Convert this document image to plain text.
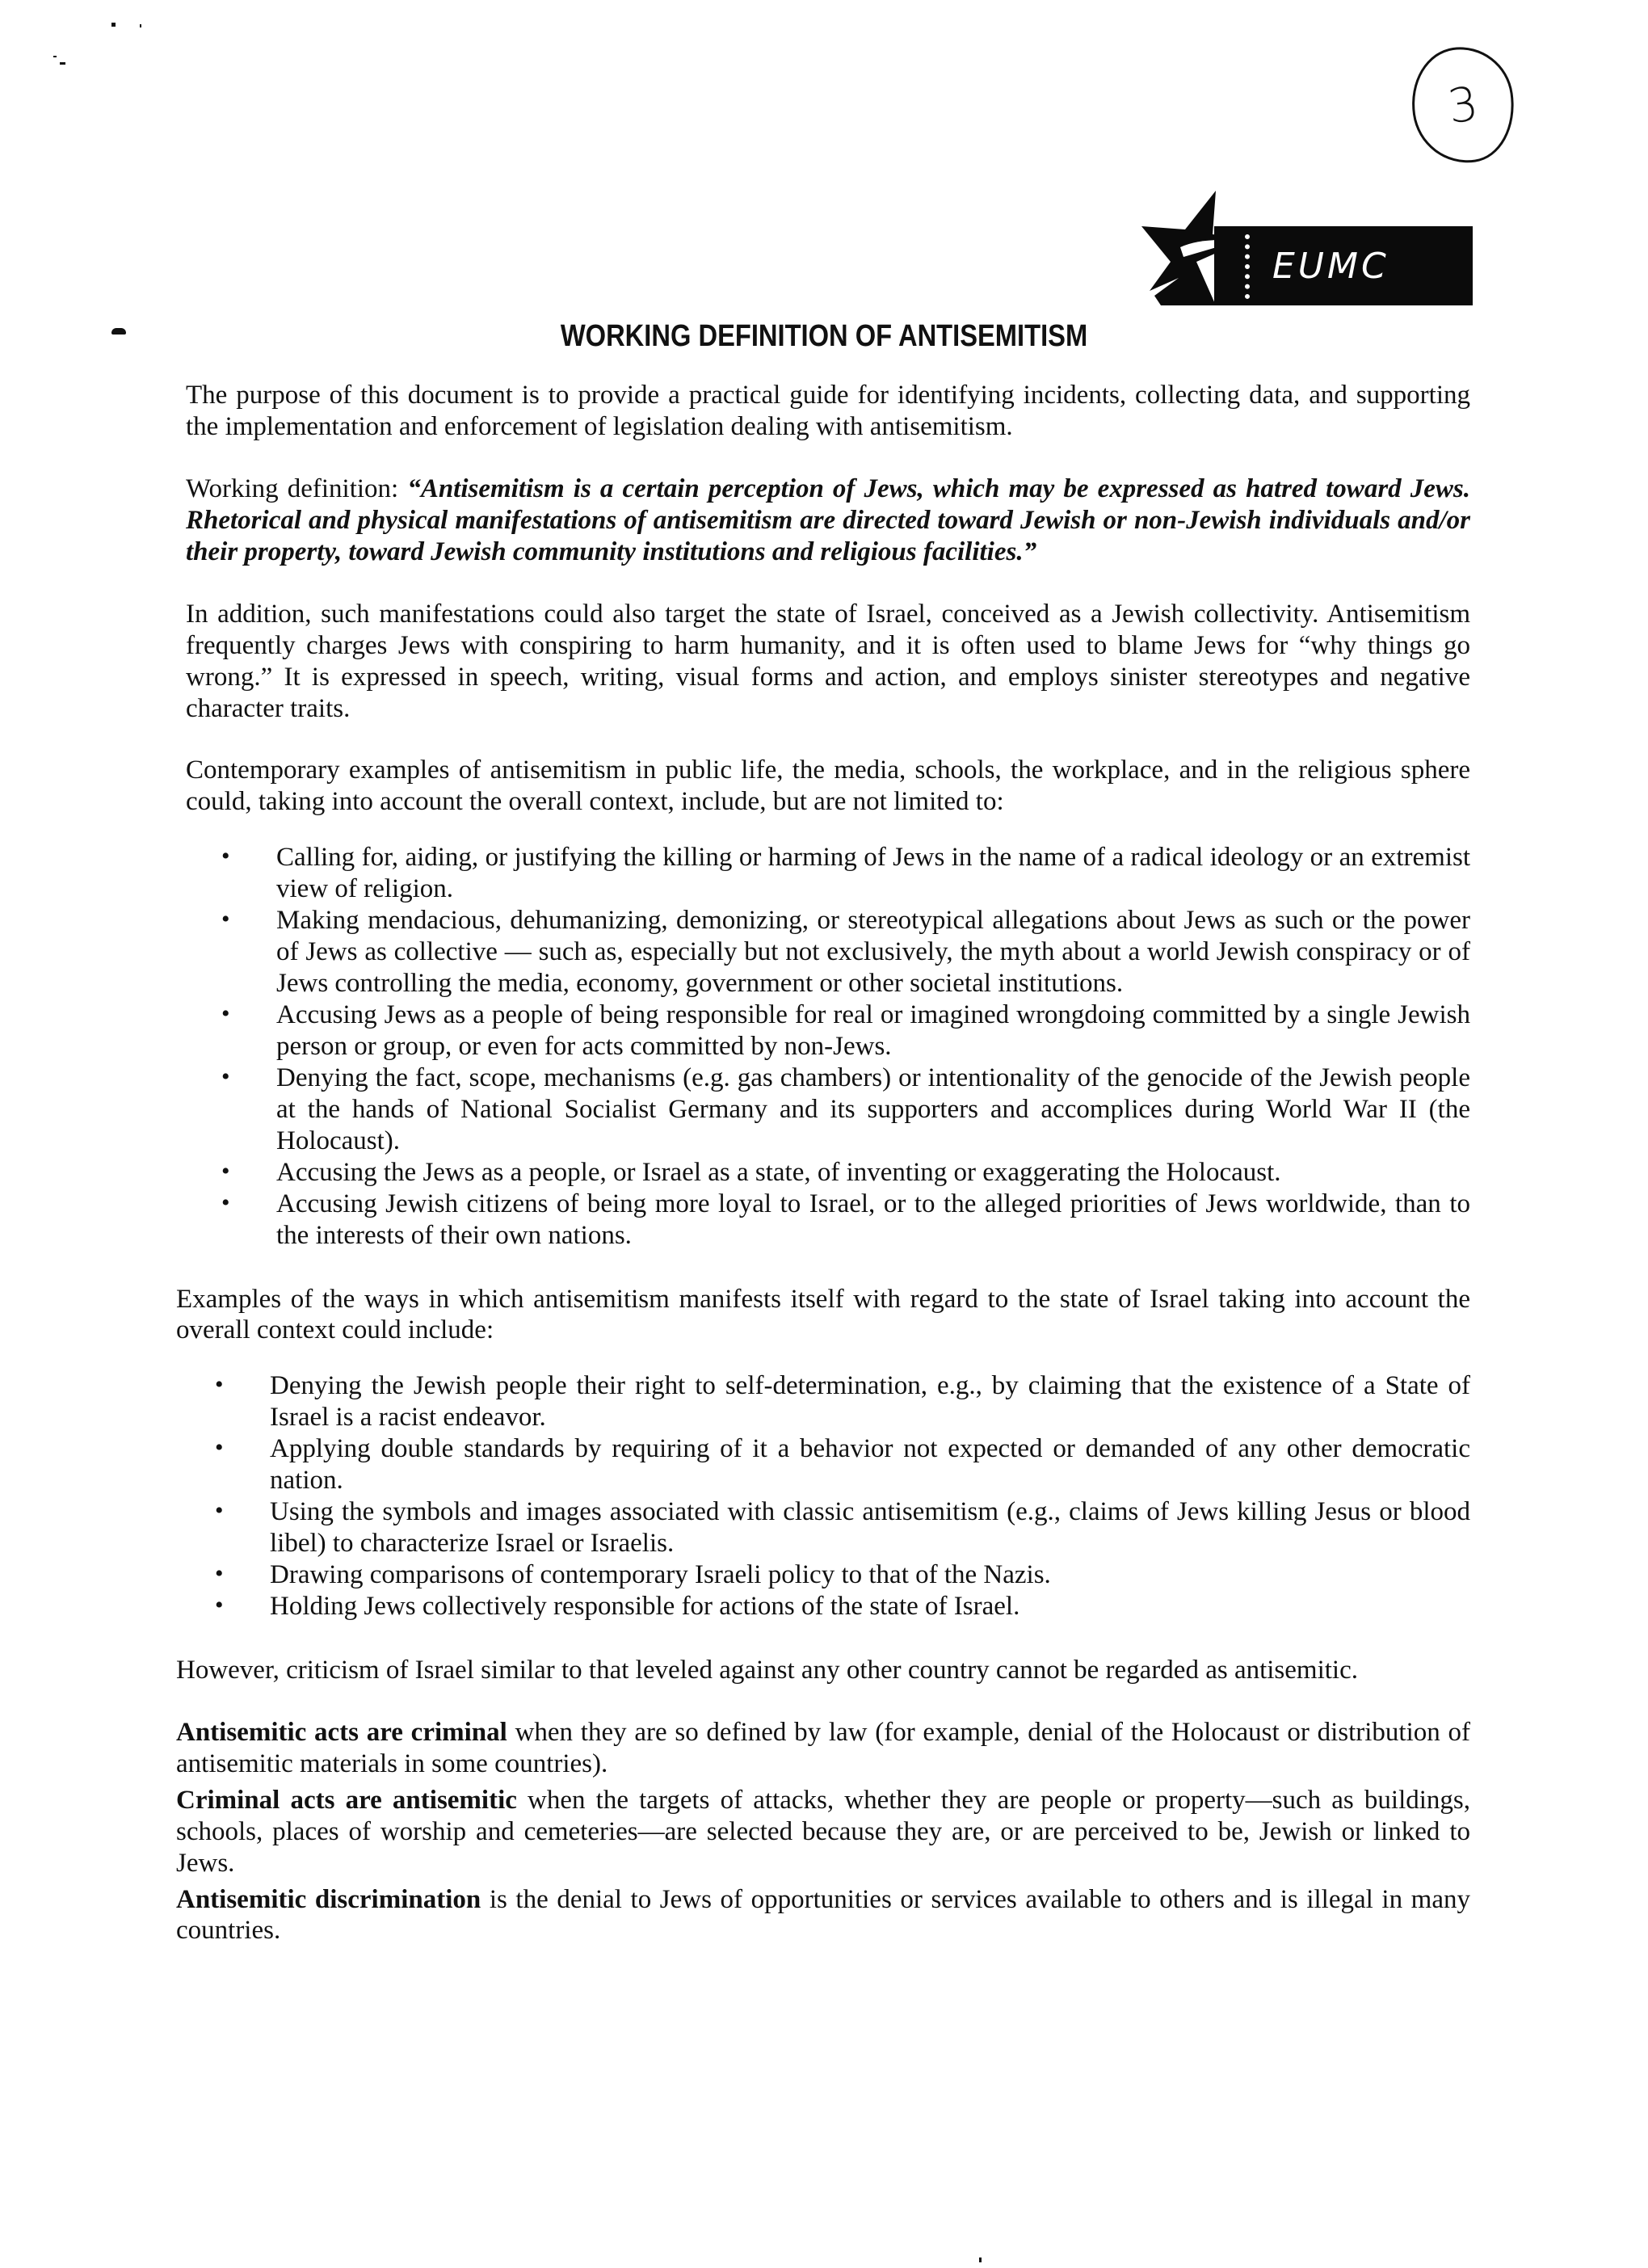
3
EUMC
WORKING DEFINITION OF ANTISEMITISM

The purpose of this document is to provide a practical guide for identifying incidents, collecting data, and supporting the implementation and enforcement of legislation dealing with antisemitism.

Working definition: “Antisemitism is a certain perception of Jews, which may be expressed as hatred toward Jews. Rhetorical and physical manifestations of antisemitism are directed toward Jewish or non-Jewish individuals and/or their property, toward Jewish community institutions and religious facilities.”

In addition, such manifestations could also target the state of Israel, conceived as a Jewish collectivity. Antisemitism frequently charges Jews with conspiring to harm humanity, and it is often used to blame Jews for “why things go wrong.” It is expressed in speech, writing, visual forms and action, and employs sinister stereotypes and negative character traits.

Contemporary examples of antisemitism in public life, the media, schools, the workplace, and in the religious sphere could, taking into account the overall context, include, but are not limited to:

• Calling for, aiding, or justifying the killing or harming of Jews in the name of a radical ideology or an extremist view of religion.
• Making mendacious, dehumanizing, demonizing, or stereotypical allegations about Jews as such or the power of Jews as collective — such as, especially but not exclusively, the myth about a world Jewish conspiracy or of Jews controlling the media, economy, government or other societal institutions.
• Accusing Jews as a people of being responsible for real or imagined wrongdoing committed by a single Jewish person or group, or even for acts committed by non-Jews.
• Denying the fact, scope, mechanisms (e.g. gas chambers) or intentionality of the genocide of the Jewish people at the hands of National Socialist Germany and its supporters and accomplices during World War II (the Holocaust).
• Accusing the Jews as a people, or Israel as a state, of inventing or exaggerating the Holocaust.
• Accusing Jewish citizens of being more loyal to Israel, or to the alleged priorities of Jews worldwide, than to the interests of their own nations.

Examples of the ways in which antisemitism manifests itself with regard to the state of Israel taking into account the overall context could include:

• Denying the Jewish people their right to self-determination, e.g., by claiming that the existence of a State of Israel is a racist endeavor.
• Applying double standards by requiring of it a behavior not expected or demanded of any other democratic nation.
• Using the symbols and images associated with classic antisemitism (e.g., claims of Jews killing Jesus or blood libel) to characterize Israel or Israelis.
• Drawing comparisons of contemporary Israeli policy to that of the Nazis.
• Holding Jews collectively responsible for actions of the state of Israel.

However, criticism of Israel similar to that leveled against any other country cannot be regarded as antisemitic.

Antisemitic acts are criminal when they are so defined by law (for example, denial of the Holocaust or distribution of antisemitic materials in some countries).

Criminal acts are antisemitic when the targets of attacks, whether they are people or property—such as buildings, schools, places of worship and cemeteries—are selected because they are, or are perceived to be, Jewish or linked to Jews.

Antisemitic discrimination is the denial to Jews of opportunities or services available to others and is illegal in many countries.
